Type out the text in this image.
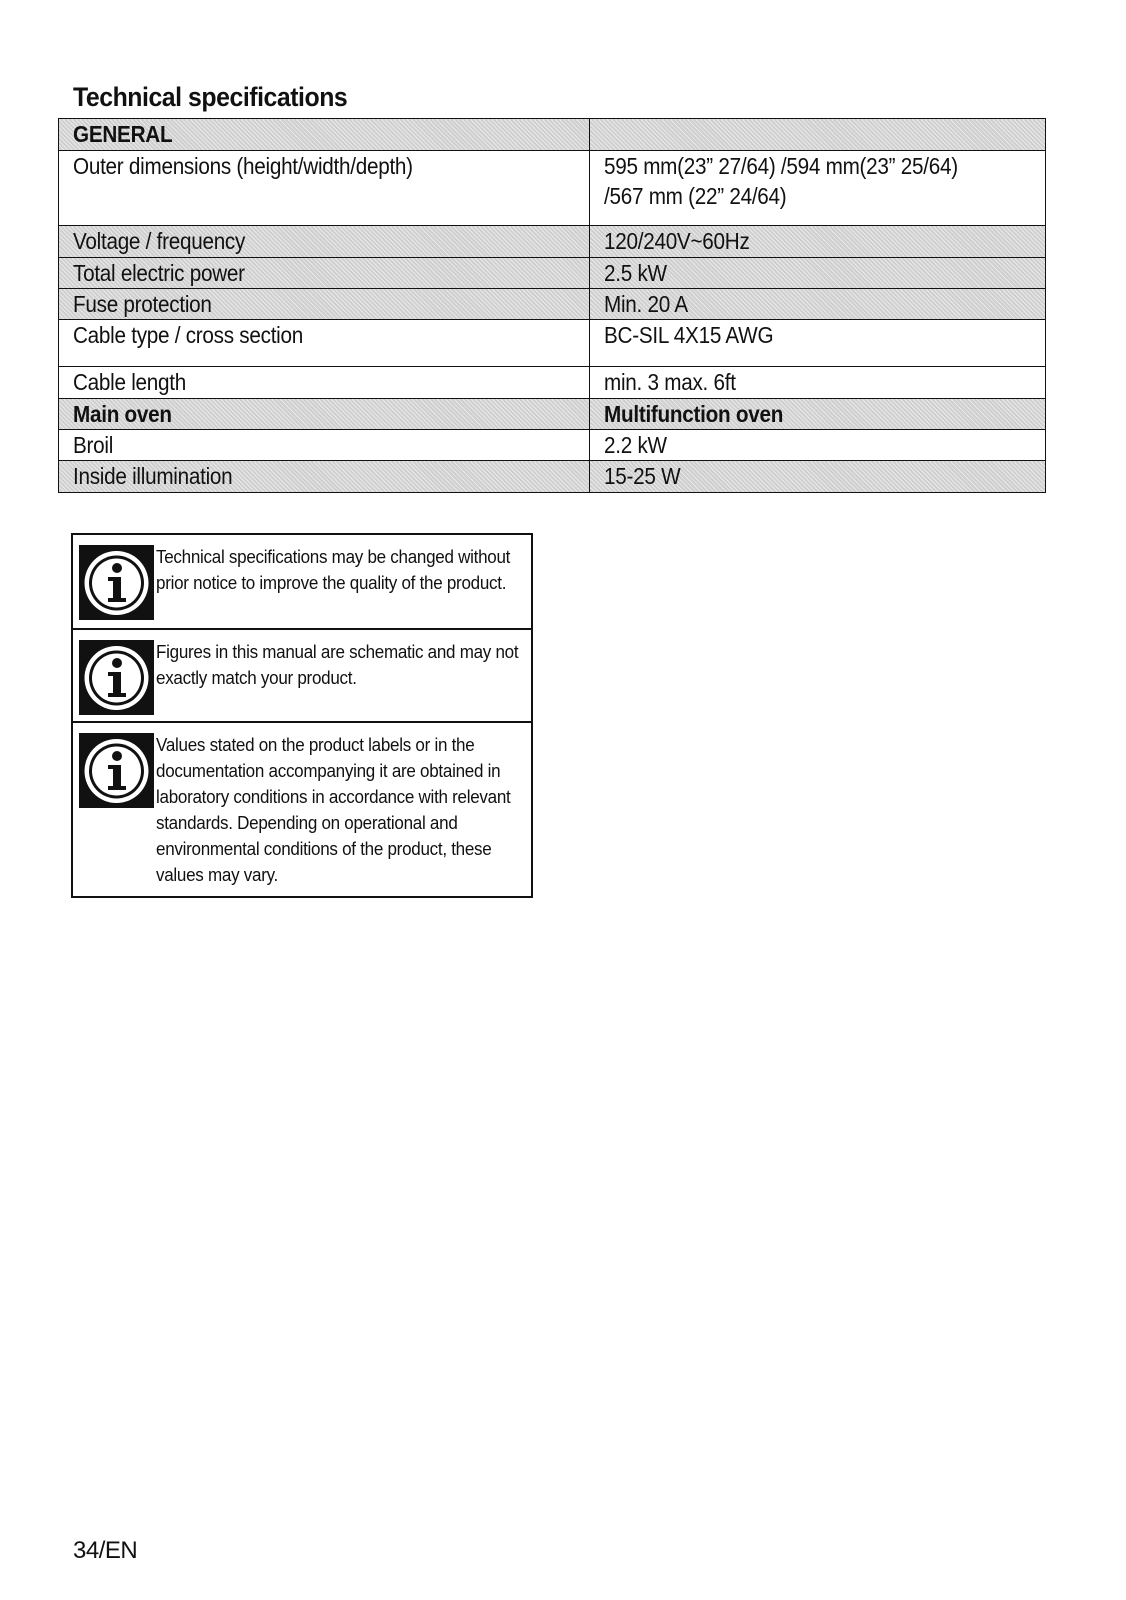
Technical specifications
GENERAL	
Outer dimensions (height/width/depth)	595 mm(23” 27/64) /594 mm(23” 25/64)
/567 mm (22” 24/64)
Voltage / frequency	120/240V~60Hz
Total electric power	2.5 kW
Fuse protection	Min. 20 A
Cable type / cross section	BC-SIL 4X15 AWG
Cable length	min. 3 max. 6ft
Main oven	Multifunction oven
Broil	2.2 kW
Inside illumination	15-25 W
Technical specifications may be changed without prior notice to improve the quality of the product.
Figures in this manual are schematic and may not exactly match your product.
Values stated on the product labels or in the documentation accompanying it are obtained in laboratory conditions in accordance with relevant standards. Depending on operational and environmental conditions of the product, these values may vary.
34/EN
